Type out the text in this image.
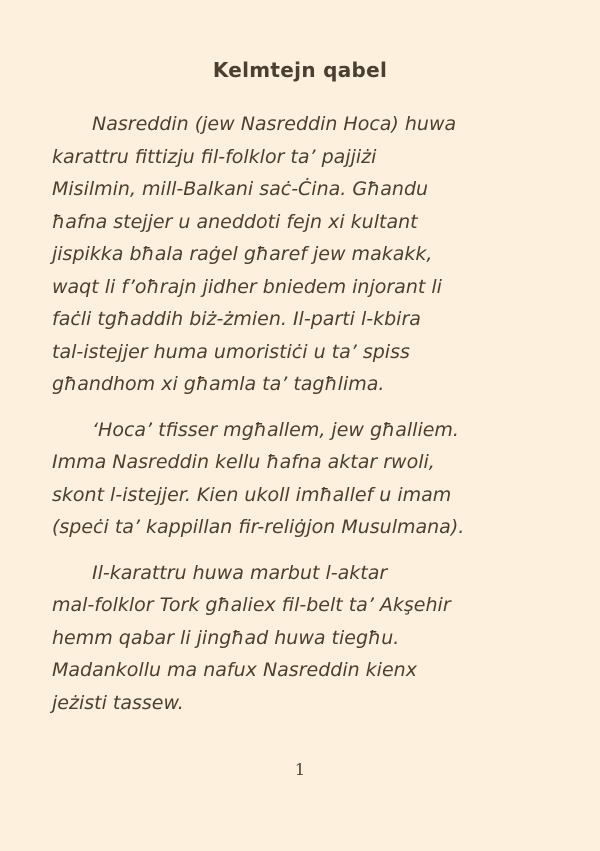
Kelmtejn qabel

Nasreddin (jew Nasreddin Hoca) huwa
karattru fittizju fil-folklor ta’ pajjiżi
Misilmin, mill-Balkani saċ-Ċina. Għandu
ħafna stejjer u aneddoti fejn xi kultant
jispikka bħala raġel għaref jew makakk,
waqt li f’oħrajn jidher bniedem injorant li
faċli tgħaddih biż-żmien. Il-parti l-kbira
tal-istejjer huma umoristiċi u ta’ spiss
għandhom xi għamla ta’ tagħlima.

‘Hoca’ tfisser mgħallem, jew għalliem.
Imma Nasreddin kellu ħafna aktar rwoli,
skont l-istejjer. Kien ukoll imħallef u imam
(speċi ta’ kappillan fir-reliġjon Musulmana).

Il-karattru huwa marbut l-aktar
mal-folklor Tork għaliex fil-belt ta’ Akşehir
hemm qabar li jingħad huwa tiegħu.
Madankollu ma nafux Nasreddin kienx
jeżisti tassew.

1
